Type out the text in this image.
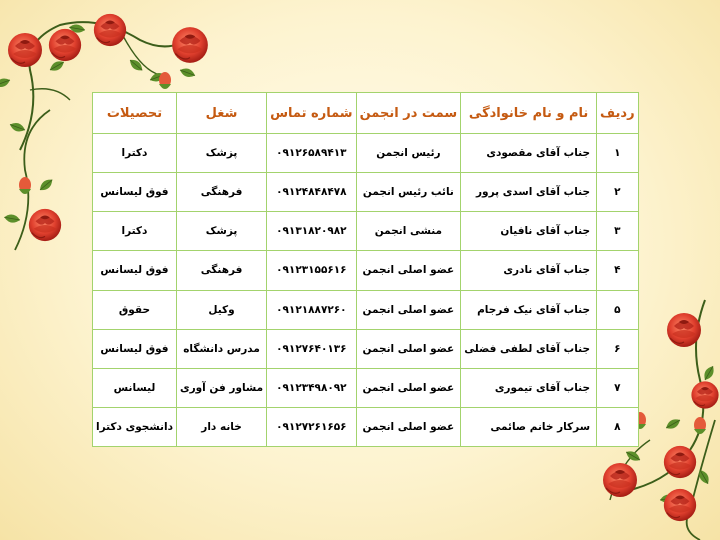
ردیف	نام و نام خانوادگی	سمت در انجمن	شماره تماس	شغل	تحصیلات
۱	جناب آقای مقصودی	رئیس انجمن	۰۹۱۲۶۵۸۹۴۱۳	پزشک	دکترا
۲	جناب آقای اسدی پرور	نائب رئیس انجمن	۰۹۱۲۴۸۴۸۴۷۸	فرهنگی	فوق لیسانس
۳	جناب آقای نافیان	منشی انجمن	۰۹۱۳۱۸۲۰۹۸۲	پزشک	دکترا
۴	جناب آقای نادری	عضو اصلی انجمن	۰۹۱۲۳۱۵۵۶۱۶	فرهنگی	فوق لیسانس
۵	جناب آقای نیک فرجام	عضو اصلی انجمن	۰۹۱۲۱۸۸۷۲۶۰	وکیل	حقوق
۶	جناب آقای لطفی فضلی	عضو اصلی انجمن	۰۹۱۲۷۶۴۰۱۳۶	مدرس دانشگاه	فوق لیسانس
۷	جناب آقای تیموری	عضو اصلی انجمن	۰۹۱۲۳۴۹۸۰۹۲	مشاور فن آوری	لیسانس
۸	سرکار خانم صائمی	عضو اصلی انجمن	۰۹۱۲۷۲۶۱۶۵۶	خانه دار	دانشجوی دکترا
